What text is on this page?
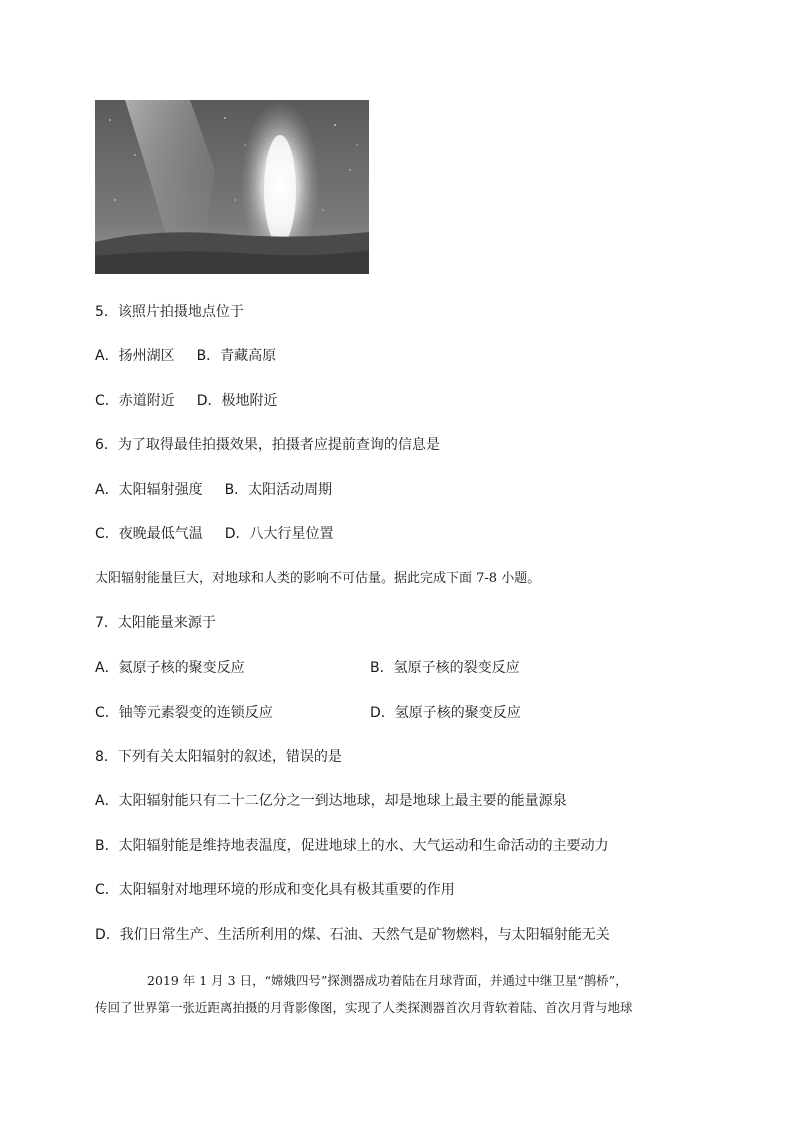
5．该照片拍摄地点位于
A．扬州湖区 B．青藏高原
C．赤道附近 D．极地附近
6．为了取得最佳拍摄效果，拍摄者应提前查询的信息是
A．太阳辐射强度 B．太阳活动周期
C．夜晚最低气温 D．八大行星位置
太阳辐射能量巨大，对地球和人类的影响不可估量。据此完成下面 7-8 小题。
7．太阳能量来源于
A．氦原子核的聚变反应	B．氢原子核的裂变反应
C．铀等元素裂变的连锁反应	D．氢原子核的聚变反应
8．下列有关太阳辐射的叙述，错误的是
A．太阳辐射能只有二十二亿分之一到达地球，却是地球上最主要的能量源泉
B．太阳辐射能是维持地表温度，促进地球上的水、大气运动和生命活动的主要动力
C．太阳辐射对地理环境的形成和变化具有极其重要的作用
D．我们日常生产、生活所利用的煤、石油、天然气是矿物燃料，与太阳辐射能无关
2019 年 1 月 3 日，“嫦娥四号”探测器成功着陆在月球背面，并通过中继卫星“鹊桥”，
传回了世界第一张近距离拍摄的月背影像图，实现了人类探测器首次月背软着陆、首次月背与地球
